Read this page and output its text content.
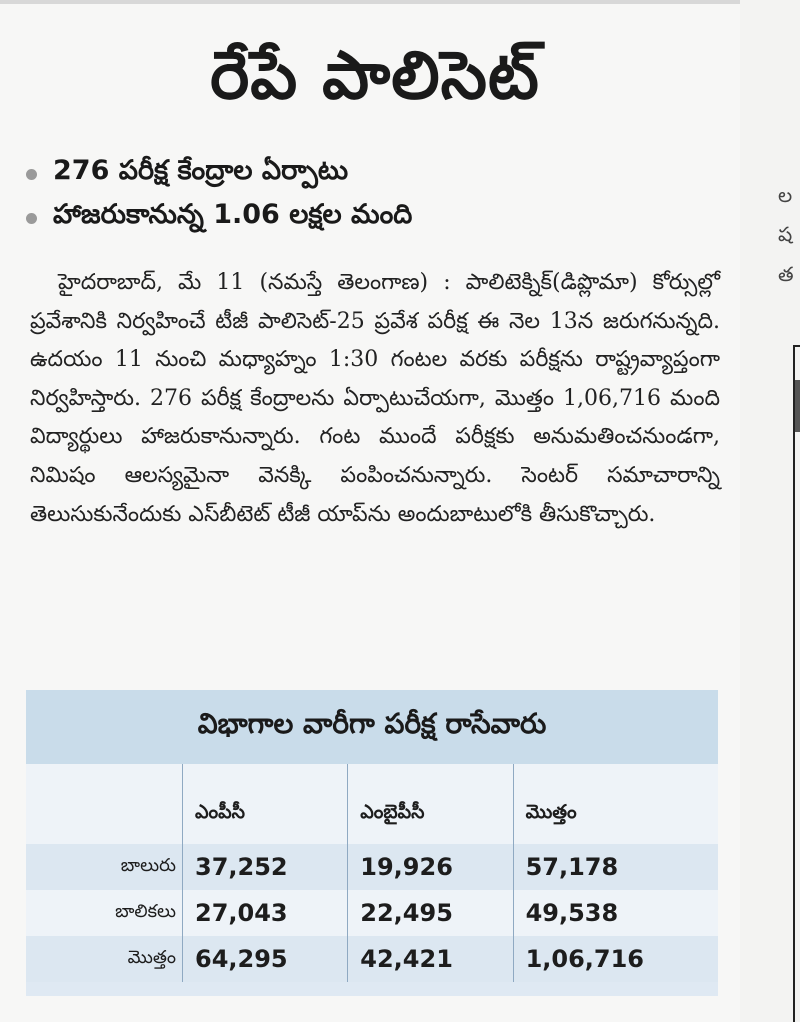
రేపే పాలిసెట్
276 పరీక్ష కేంద్రాల ఏర్పాటు
హాజరుకానున్న 1.06 లక్షల మంది
హైదరాబాద్, మే 11 (నమస్తే తెలంగాణ) : పాలిటెక్నిక్(డిప్లొమా) కోర్సుల్లో ప్రవేశానికి నిర్వహించే టీజీ పాలిసెట్-25 ప్రవేశ పరీక్ష ఈ నెల 13న జరుగనున్నది. ఉదయం 11 నుంచి మధ్యాహ్నం 1:30 గంటల వరకు పరీక్షను రాష్ట్రవ్యాప్తంగా నిర్వహిస్తారు. 276 పరీక్ష కేంద్రాలను ఏర్పాటుచేయగా, మొత్తం 1,06,716 మంది విద్యార్థులు హాజరుకానున్నారు. గంట ముందే పరీక్షకు అనుమతించనుండగా, నిమిషం ఆలస్యమైనా వెనక్కి పంపించనున్నారు. సెంటర్ సమాచారాన్ని తెలుసుకునేందుకు ఎస్‌బీటెట్ టీజీ యాప్‌ను అందుబాటులోకి తీసుకొచ్చారు.
విభాగాల వారీగా పరీక్ష రాసేవారు
	ఎంపీసీ	ఎంబైపీసీ	మొత్తం
బాలురు	37,252	19,926	57,178
బాలికలు	27,043	22,495	49,538
మొత్తం	64,295	42,421	1,06,716
ల
ష
త
